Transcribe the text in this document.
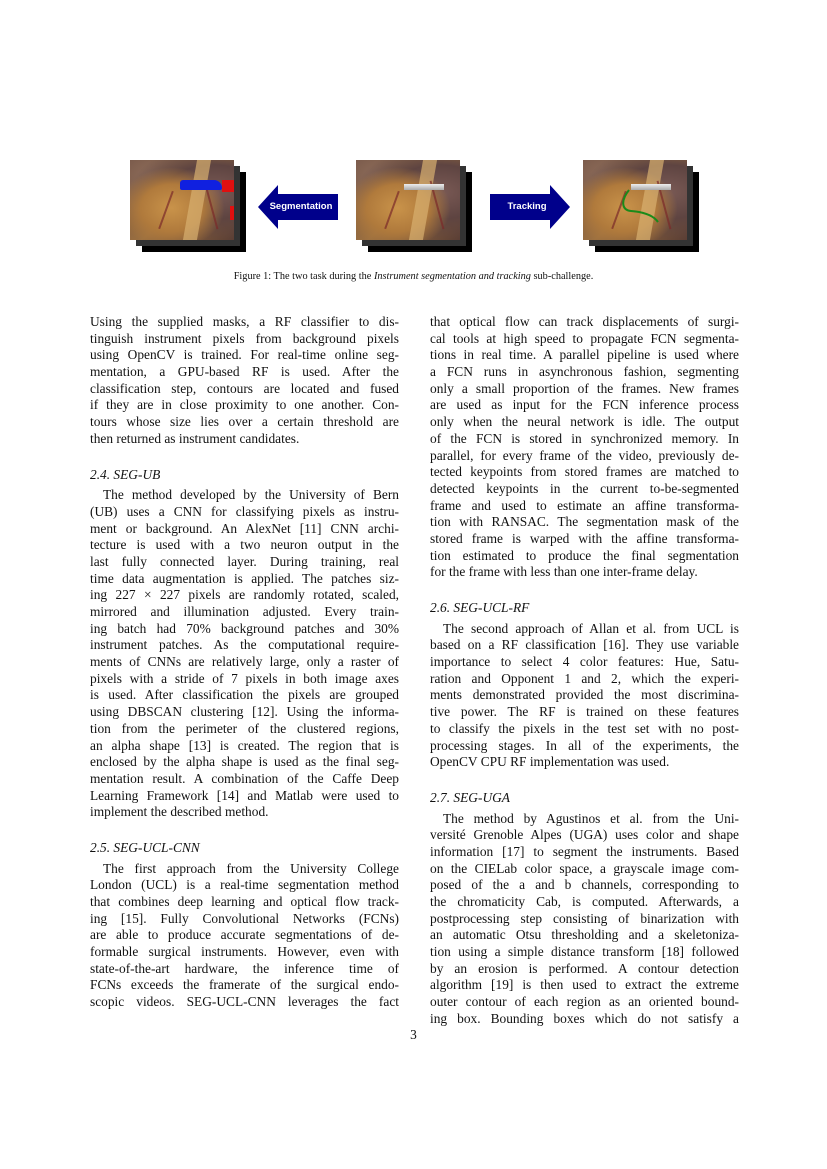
Segmentation	Tracking
Figure 1: The two task during the Instrument segmentation and tracking sub-challenge.
Using the supplied masks, a RF classifier to dis-
tinguish instrument pixels from background pixels
using OpenCV is trained. For real-time online seg-
mentation, a GPU-based RF is used. After the
classification step, contours are located and fused
if they are in close proximity to one another. Con-
tours whose size lies over a certain threshold are
then returned as instrument candidates.
2.4. SEG-UB
The method developed by the University of Bern
(UB) uses a CNN for classifying pixels as instru-
ment or background. An AlexNet [11] CNN archi-
tecture is used with a two neuron output in the
last fully connected layer. During training, real
time data augmentation is applied. The patches siz-
ing 227 × 227 pixels are randomly rotated, scaled,
mirrored and illumination adjusted. Every train-
ing batch had 70% background patches and 30%
instrument patches. As the computational require-
ments of CNNs are relatively large, only a raster of
pixels with a stride of 7 pixels in both image axes
is used. After classification the pixels are grouped
using DBSCAN clustering [12]. Using the informa-
tion from the perimeter of the clustered regions,
an alpha shape [13] is created. The region that is
enclosed by the alpha shape is used as the final seg-
mentation result. A combination of the Caffe Deep
Learning Framework [14] and Matlab were used to
implement the described method.
2.5. SEG-UCL-CNN
The first approach from the University College
London (UCL) is a real-time segmentation method
that combines deep learning and optical flow track-
ing [15]. Fully Convolutional Networks (FCNs)
are able to produce accurate segmentations of de-
formable surgical instruments. However, even with
state-of-the-art hardware, the inference time of
FCNs exceeds the framerate of the surgical endo-
scopic videos. SEG-UCL-CNN leverages the fact
that optical flow can track displacements of surgi-
cal tools at high speed to propagate FCN segmenta-
tions in real time. A parallel pipeline is used where
a FCN runs in asynchronous fashion, segmenting
only a small proportion of the frames. New frames
are used as input for the FCN inference process
only when the neural network is idle. The output
of the FCN is stored in synchronized memory. In
parallel, for every frame of the video, previously de-
tected keypoints from stored frames are matched to
detected keypoints in the current to-be-segmented
frame and used to estimate an affine transforma-
tion with RANSAC. The segmentation mask of the
stored frame is warped with the affine transforma-
tion estimated to produce the final segmentation
for the frame with less than one inter-frame delay.
2.6. SEG-UCL-RF
The second approach of Allan et al. from UCL is
based on a RF classification [16]. They use variable
importance to select 4 color features: Hue, Satu-
ration and Opponent 1 and 2, which the experi-
ments demonstrated provided the most discrimina-
tive power. The RF is trained on these features
to classify the pixels in the test set with no post-
processing stages. In all of the experiments, the
OpenCV CPU RF implementation was used.
2.7. SEG-UGA
The method by Agustinos et al. from the Uni-
versité Grenoble Alpes (UGA) uses color and shape
information [17] to segment the instruments. Based
on the CIELab color space, a grayscale image com-
posed of the a and b channels, corresponding to
the chromaticity Cab, is computed. Afterwards, a
postprocessing step consisting of binarization with
an automatic Otsu thresholding and a skeletoniza-
tion using a simple distance transform [18] followed
by an erosion is performed. A contour detection
algorithm [19] is then used to extract the extreme
outer contour of each region as an oriented bound-
ing box. Bounding boxes which do not satisfy a
3
